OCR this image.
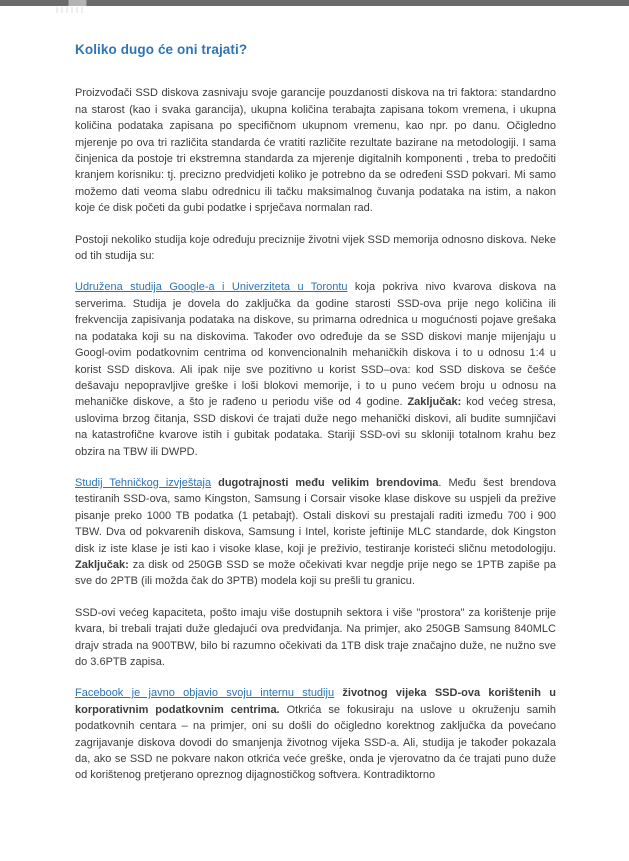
Koliko dugo će oni trajati?

Proizvođači SSD diskova zasnivaju svoje garancije pouzdanosti diskova na tri faktora: standardno na starost (kao i svaka garancija), ukupna količina terabajta zapisana tokom vremena, i ukupna količina podataka zapisana po specifičnom ukupnom vremenu, kao npr. po danu. Očigledno mjerenje po ova tri različita standarda će vratiti različite rezultate bazirane na metodologiji. I sama činjenica da postoje tri ekstremna standarda za mjerenje digitalnih komponenti , treba to predočiti kranjem korisniku: tj. precizno predvidjeti koliko je potrebno da se određeni SSD pokvari. Mi samo možemo dati veoma slabu odrednicu ili tačku maksimalnog čuvanja podataka na istim, a nakon koje će disk početi da gubi podatke i sprječava normalan rad.

Postoji nekoliko studija koje određuju preciznije životni vijek SSD memorija odnosno diskova. Neke od tih studija su:

Udružena studija Google-a i Univerziteta u Torontu koja pokriva nivo kvarova diskova na serverima. Studija je dovela do zaključka da godine starosti SSD-ova prije nego količina ili frekvencija zapisivanja podataka na diskove, su primarna odrednica u mogućnosti pojave grešaka na podataka koji su na diskovima. Također ovo određuje da se SSD diskovi manje mijenjaju u Googl-ovim podatkovnim centrima od konvencionalnih mehaničkih diskova i to u odnosu 1:4 u korist SSD diskova. Ali ipak nije sve pozitivno u korist SSD–ova: kod SSD diskova se češće dešavaju nepopravljive greške i loši blokovi memorije, i to u puno većem broju u odnosu na mehaničke diskove, a što je rađeno u periodu više od 4 godine. Zaključak: kod većeg stresa, uslovima brzog čitanja, SSD diskovi će trajati duže nego mehanički diskovi, ali budite sumnjičavi na katastrofične kvarove istih i gubitak podataka. Stariji SSD-ovi su skloniji totalnom krahu bez obzira na TBW ili DWPD.

Studij Tehničkog izvještaja dugotrajnosti među velikim brendovima. Među šest brendova testiranih SSD-ova, samo Kingston, Samsung i Corsair visoke klase diskove su uspjeli da prežive pisanje preko 1000 TB podatka (1 petabajt). Ostali diskovi su prestajali raditi između 700 i 900 TBW. Dva od pokvarenih diskova, Samsung i Intel, koriste jeftinije MLC standarde, dok Kingston disk iz iste klase je isti kao i visoke klase, koji je preživio, testiranje koristeći sličnu metodologiju. Zaključak: za disk od 250GB SSD se može očekivati kvar negdje prije nego se 1PTB zapiše pa sve do 2PTB (ili možda čak do 3PTB) modela koji su prešli tu granicu.

SSD-ovi većeg kapaciteta, pošto imaju više dostupnih sektora i više "prostora" za korištenje prije kvara, bi trebali trajati duže gledajući ova predviđanja. Na primjer, ako 250GB Samsung 840MLC drajv strada na 900TBW, bilo bi razumno očekivati da 1TB disk traje značajno duže, ne nužno sve do 3.6PTB zapisa.

Facebook je javno objavio svoju internu studiju životnog vijeka SSD-ova korištenih u korporativnim podatkovnim centrima. Otkrića se fokusiraju na uslove u okruženju samih podatkovnih centara – na primjer, oni su došli do očigledno korektnog zaključka da povećano zagrijavanje diskova dovodi do smanjenja životnog vijeka SSD-a. Ali, studija je također pokazala da, ako se SSD ne pokvare nakon otkrića veće greške, onda je vjerovatno da će trajati puno duže od korištenog pretjerano opreznog dijagnostičkog softvera. Kontradiktorno
